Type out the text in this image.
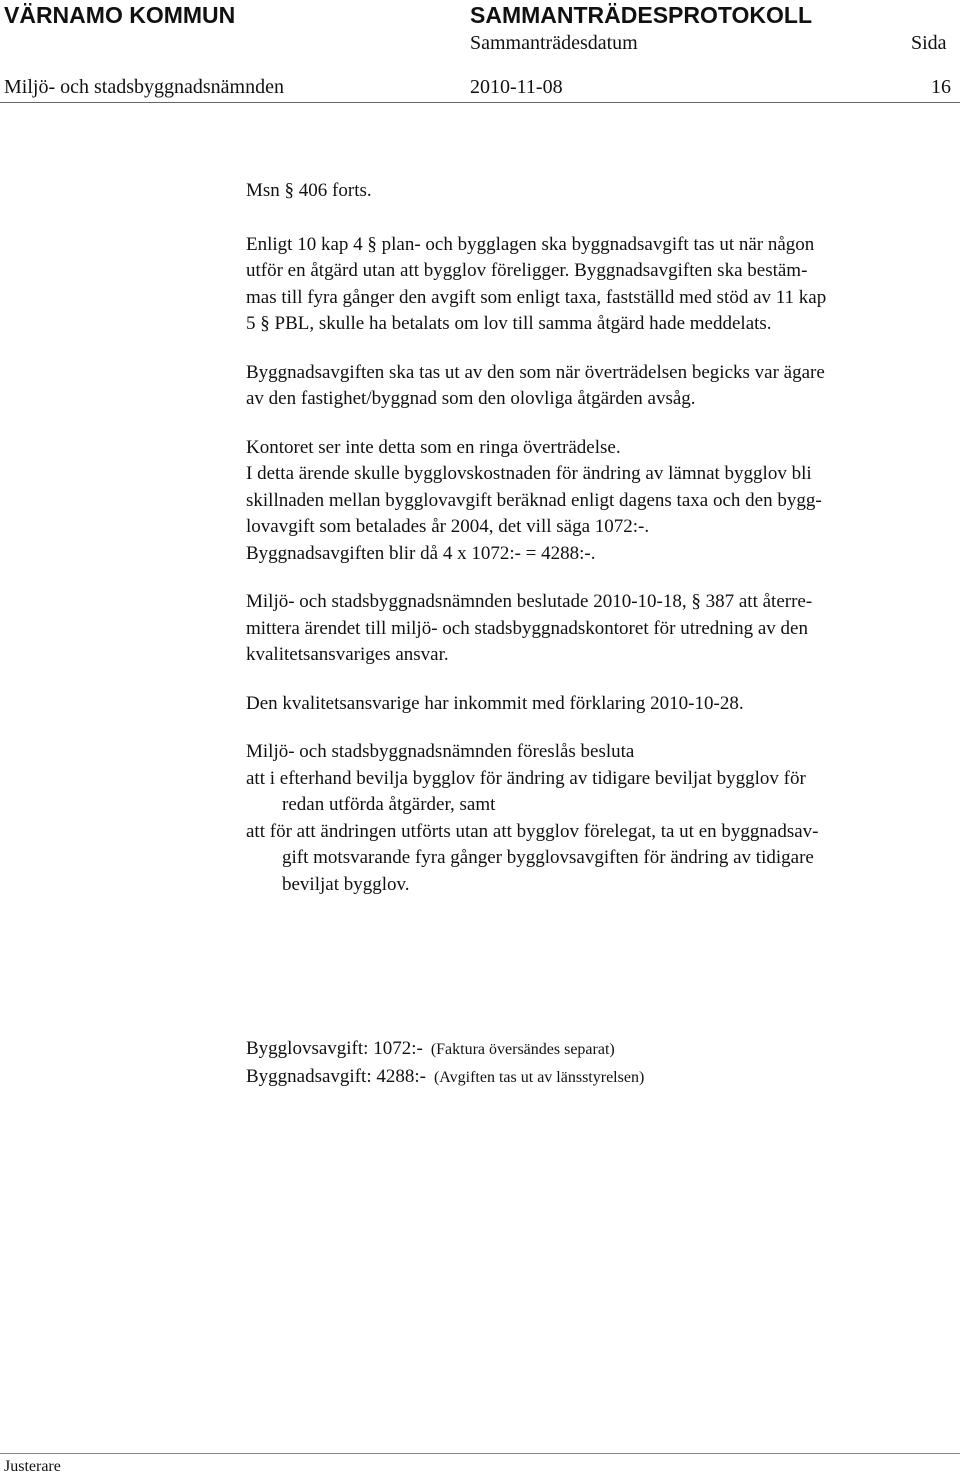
VÄRNAMO KOMMUN	SAMMANTRÄDESPROTOKOLL
Sammanträdesdatum	Sida
Miljö- och stadsbyggnadsnämnden	2010-11-08	16

Msn § 406 forts.

Enligt 10 kap 4 § plan- och bygglagen ska byggnadsavgift tas ut när någon

utför en åtgärd utan att bygglov föreligger. Byggnadsavgiften ska bestäm-

mas till fyra gånger den avgift som enligt taxa, fastställd med stöd av 11 kap

5 § PBL, skulle ha betalats om lov till samma åtgärd hade meddelats.

Byggnadsavgiften ska tas ut av den som när överträdelsen begicks var ägare

av den fastighet/byggnad som den olovliga åtgärden avsåg.

Kontoret ser inte detta som en ringa överträdelse.

I detta ärende skulle bygglovskostnaden för ändring av lämnat bygglov bli

skillnaden mellan bygglovavgift beräknad enligt dagens taxa och den bygg-

lovavgift som betalades år 2004, det vill säga 1072:-.

Byggnadsavgiften blir då 4 x 1072:- = 4288:-.

Miljö- och stadsbyggnadsnämnden beslutade 2010-10-18, § 387 att återre-

mittera ärendet till miljö- och stadsbyggnadskontoret för utredning av den

kvalitetsansvariges ansvar.

Den kvalitetsansvarige har inkommit med förklaring 2010-10-28.

Miljö- och stadsbyggnadsnämnden föreslås besluta

att i efterhand bevilja bygglov för ändring av tidigare beviljat bygglov för

redan utförda åtgärder, samt

att för att ändringen utförts utan att bygglov förelegat, ta ut en byggnadsav-

gift motsvarande fyra gånger bygglovsavgiften för ändring av tidigare

beviljat bygglov.

Bygglovsavgift: 1072:- (Faktura översändes separat)
Byggnadsavgift: 4288:- (Avgiften tas ut av länsstyrelsen)
Justerare
